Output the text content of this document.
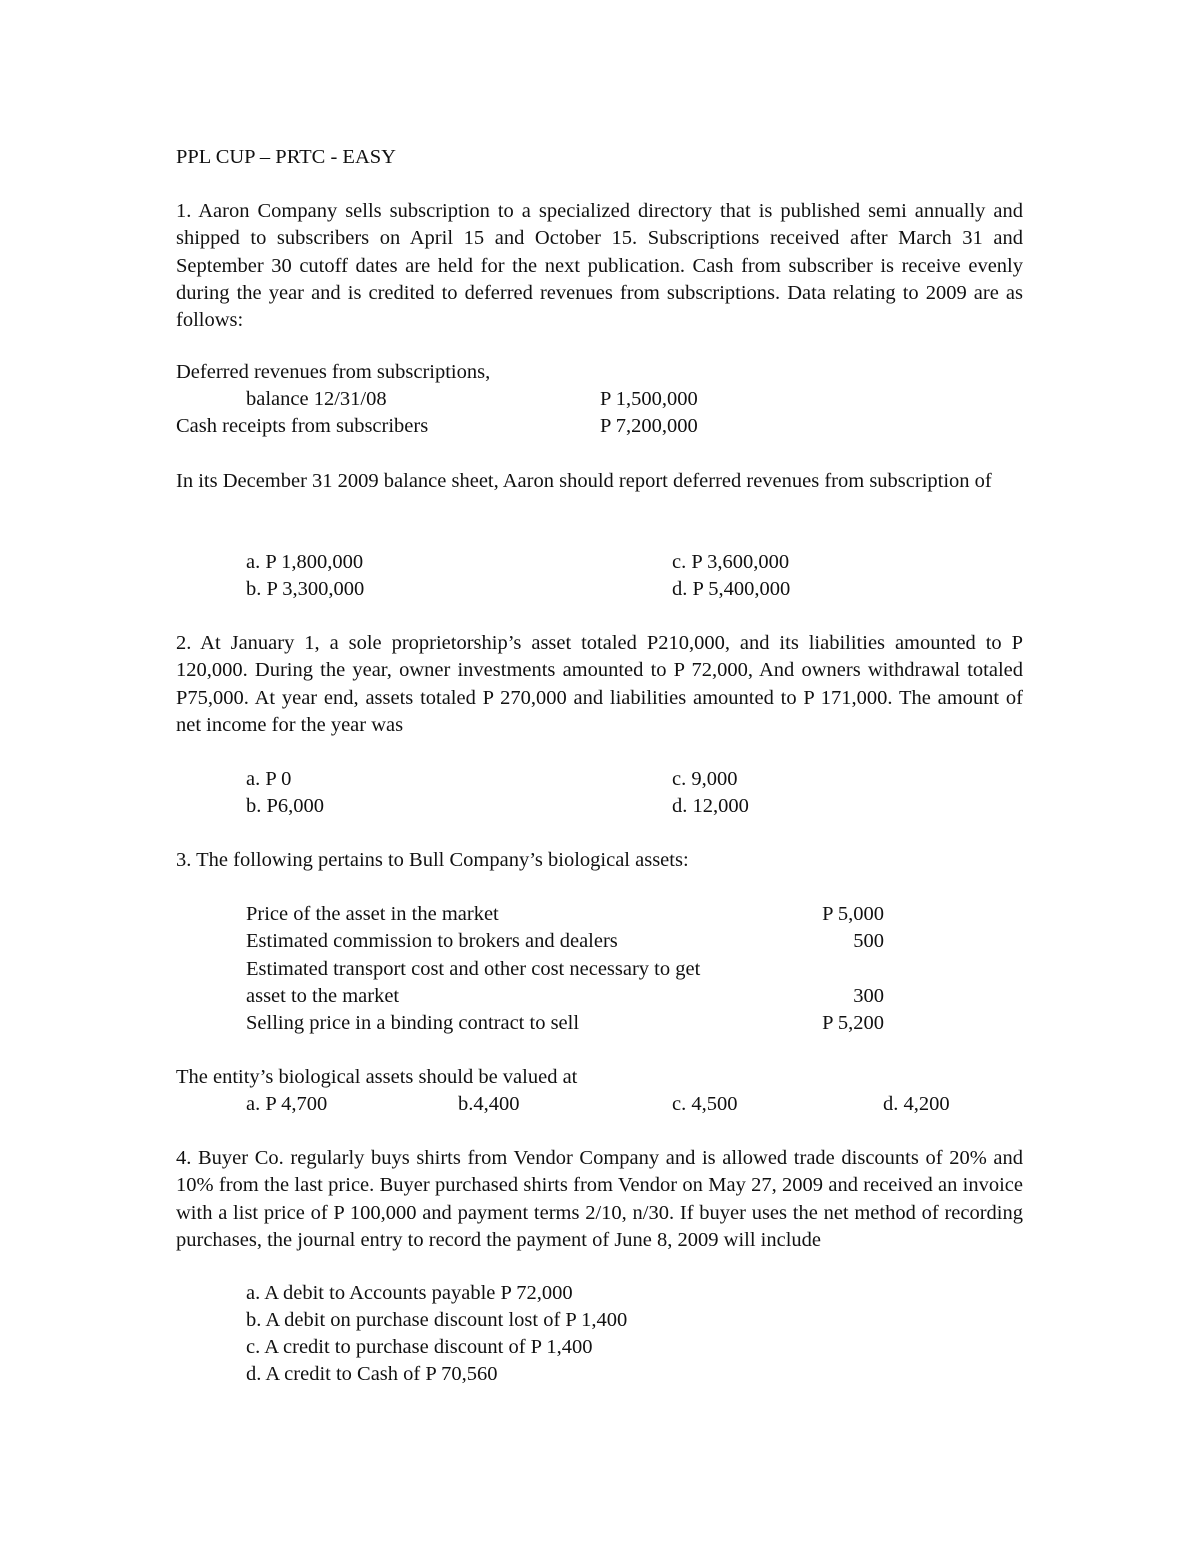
PPL CUP – PRTC - EASY
1. Aaron Company sells subscription to a specialized directory that is published semi annually and shipped to subscribers on April 15 and October 15. Subscriptions received after March 31 and September 30 cutoff dates are held for the next publication. Cash from subscriber is receive evenly during the year and is credited to deferred revenues from subscriptions. Data relating to 2009 are as follows:
Deferred revenues from subscriptions,
balance 12/31/08	P 1,500,000
Cash receipts from subscribers	P 7,200,000
In its December 31 2009 balance sheet, Aaron should report deferred revenues from subscription of
a. P 1,800,000	c. P 3,600,000
b. P 3,300,000	d. P 5,400,000
2. At January 1, a sole proprietorship’s asset totaled P210,000, and its liabilities amounted to P 120,000. During the year, owner investments amounted to P 72,000, And owners withdrawal totaled P75,000. At year end, assets totaled P 270,000 and liabilities amounted to P 171,000. The amount of net income for the year was
a. P 0	c. 9,000
b. P6,000	d. 12,000
3. The following pertains to Bull Company’s biological assets:
Price of the asset in the market	P 5,000
Estimated commission to brokers and dealers	500
Estimated transport cost and other cost necessary to get
asset to the market	300
Selling price in a binding contract to sell	P 5,200
The entity’s biological assets should be valued at
a. P 4,700	b.4,400	c. 4,500	d. 4,200
4. Buyer Co. regularly buys shirts from Vendor Company and is allowed trade discounts of 20% and 10% from the last price. Buyer purchased shirts from Vendor on May 27, 2009 and received an invoice with a list price of P 100,000 and payment terms 2/10, n/30. If buyer uses the net method of recording purchases, the journal entry to record the payment of June 8, 2009 will include
a. A debit to Accounts payable P 72,000
b. A debit on purchase discount lost of P 1,400
c. A credit to purchase discount of P 1,400
d. A credit to Cash of P 70,560
